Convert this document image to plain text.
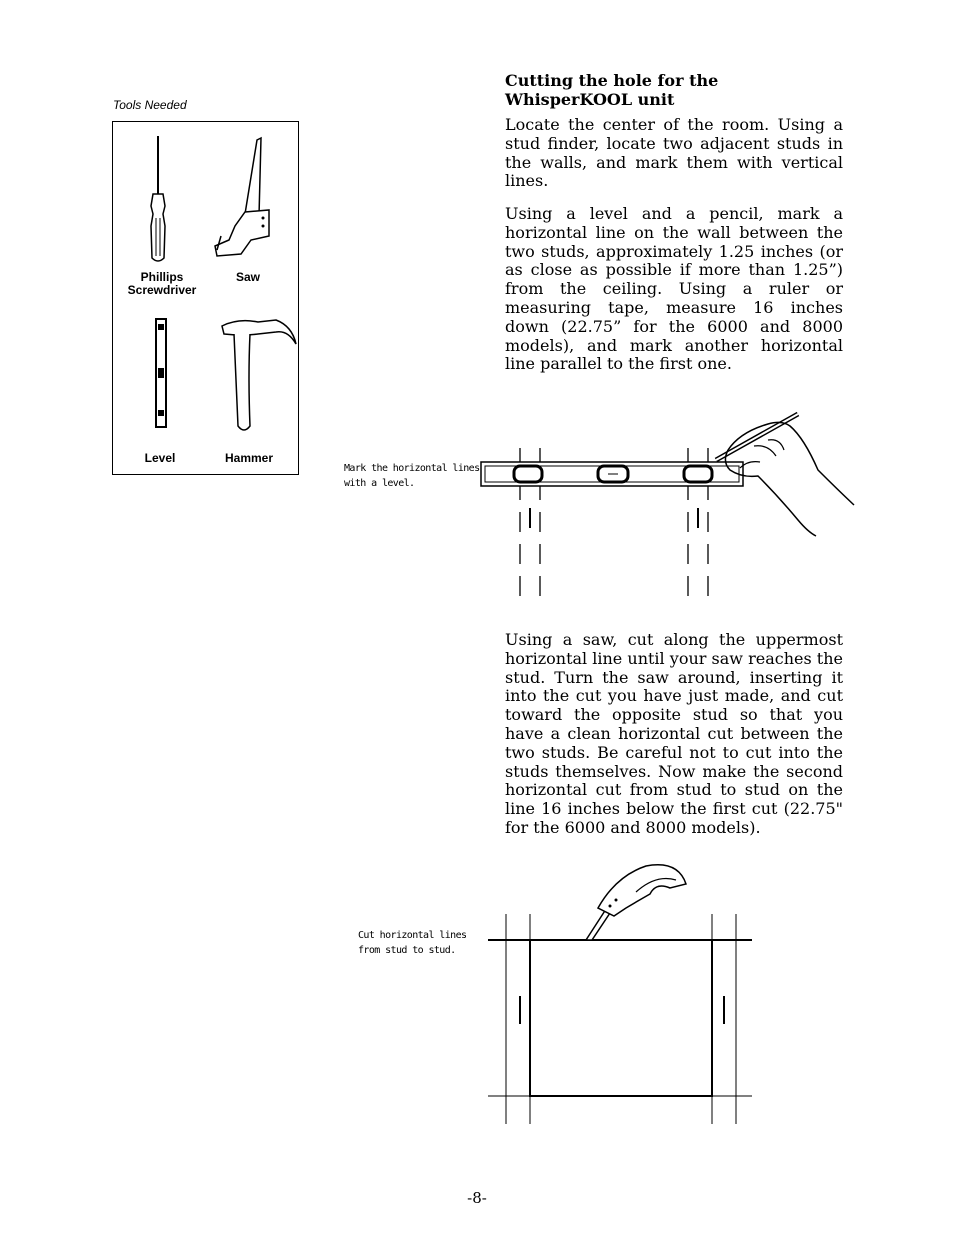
Tools Needed
Phillips
Screwdriver
Saw
Level	Hammer
Cutting the hole for the WhisperKOOL unit
Locate the center of the room. Using a stud finder, locate two adjacent studs in the walls, and mark them with vertical lines.
Using a level and a pencil, mark a horizontal line on the wall between the two studs, approximately 1.25 inches (or as close as possible if more than 1.25”) from the ceiling. Using a ruler or measuring tape, measure 16 inches down (22.75” for the 6000 and 8000 models), and mark another horizontal line parallel to the first one.
Mark the horizontal lines with a level.
Using a saw, cut along the uppermost horizontal line until your saw reaches the stud. Turn the saw around, inserting it into the cut you have just made, and cut toward the opposite stud so that you have a clean horizontal cut between the two studs. Be careful not to cut into the studs themselves. Now make the second horizontal cut from stud to stud on the line 16 inches below the first cut (22.75" for the 6000 and 8000 models).
Cut horizontal lines from stud to stud.
-8-
